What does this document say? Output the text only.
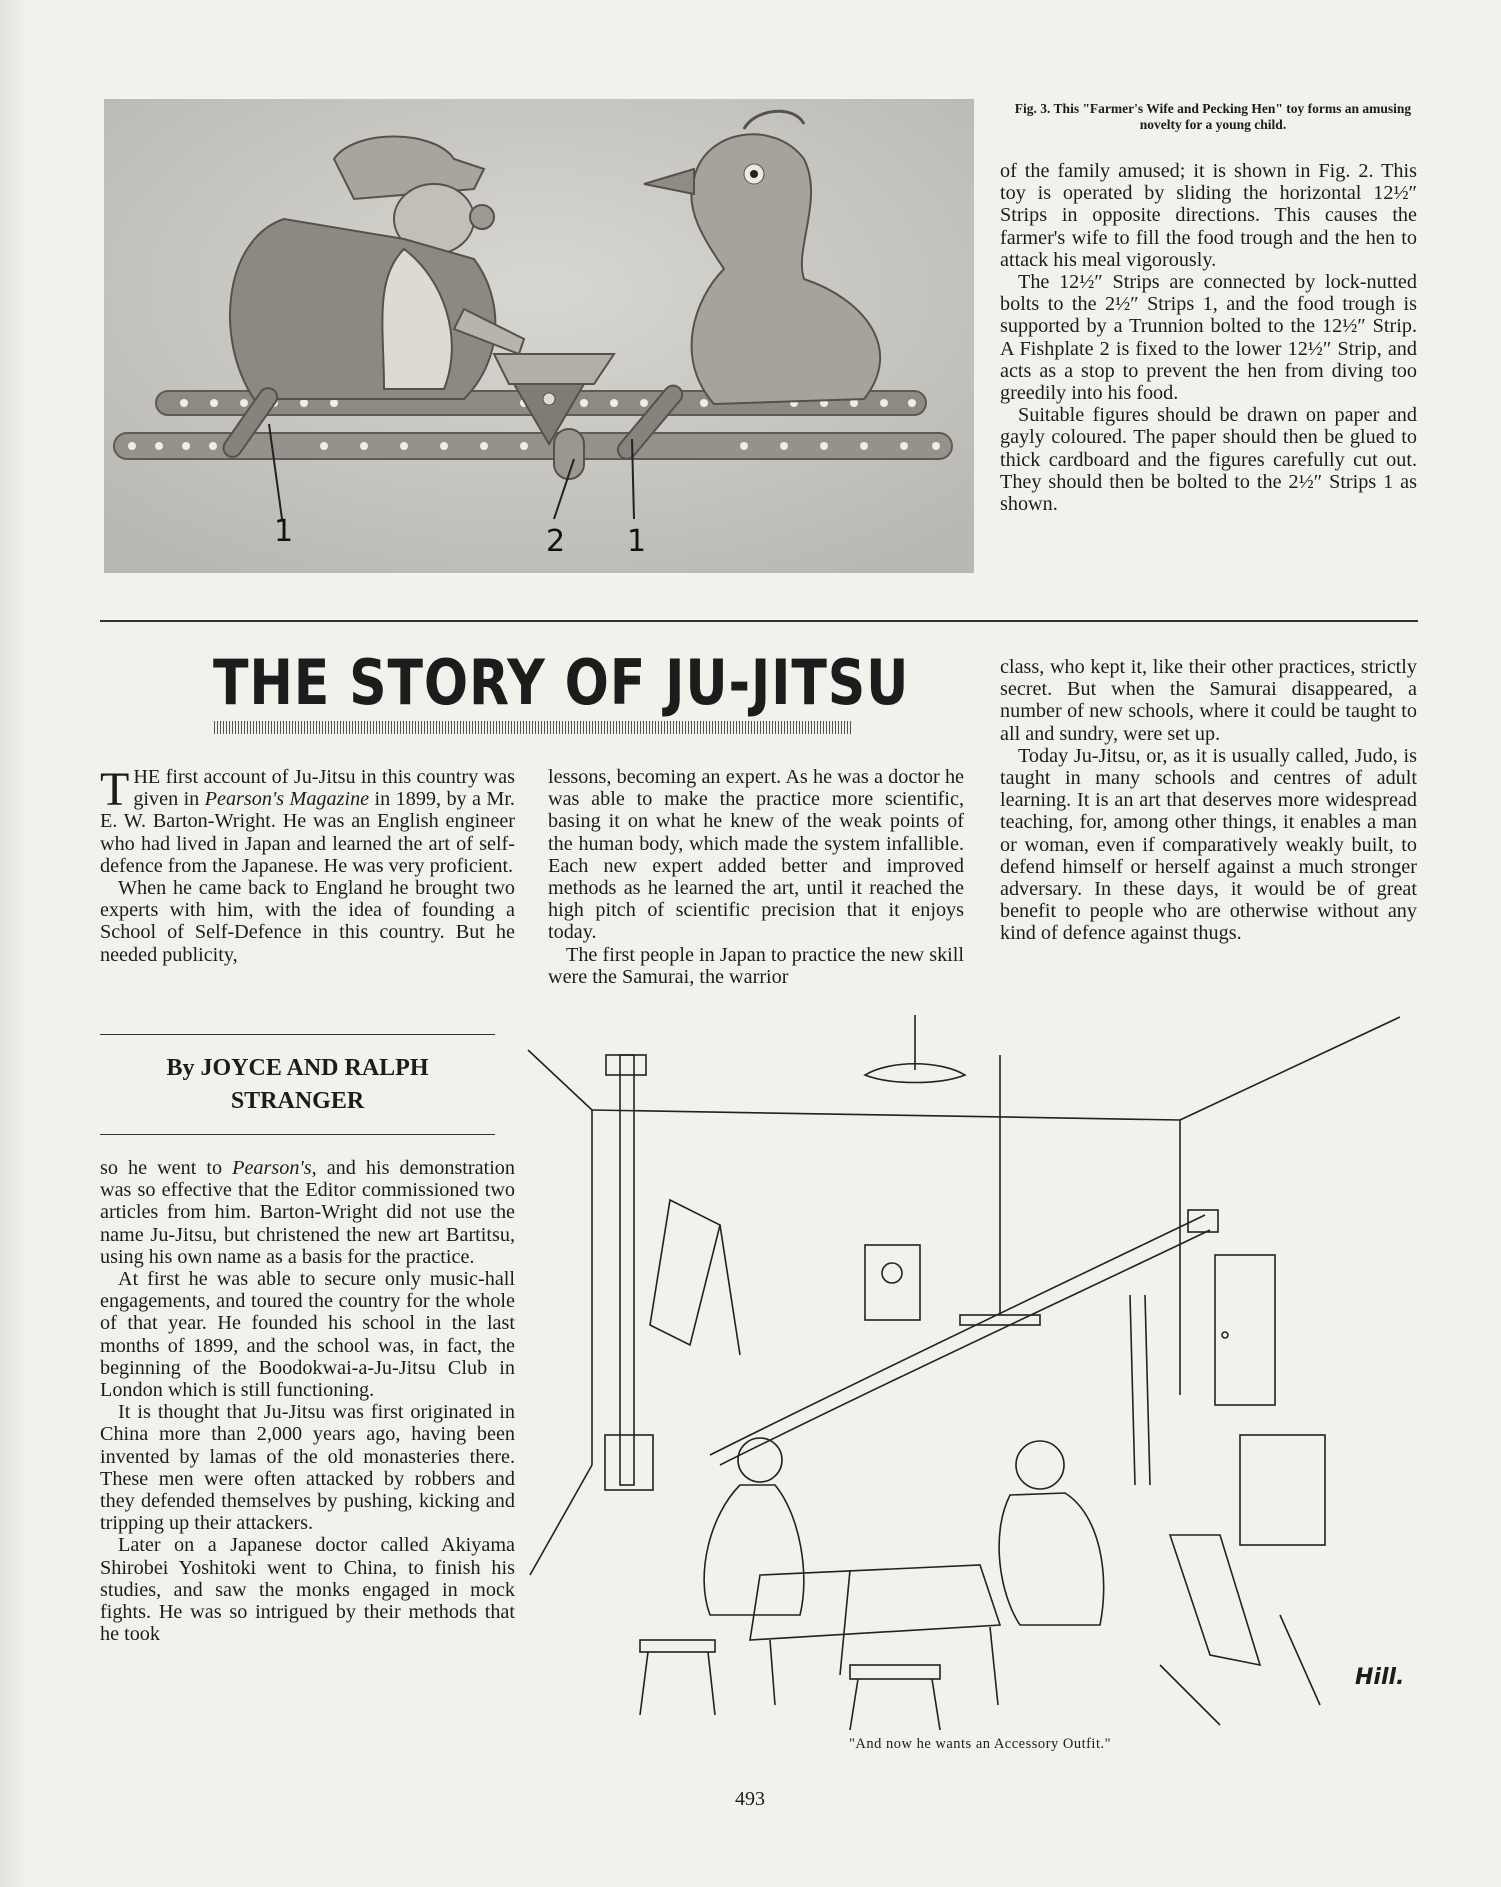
1	2 1
Fig. 3. This "Farmer's Wife and Pecking Hen" toy forms an amusing novelty for a young child.

of the family amused; it is shown in Fig. 2. This toy is operated by sliding the horizontal 12½″ Strips in opposite directions. This causes the farmer's wife to fill the food trough and the hen to attack his meal vigorously.

The 12½″ Strips are connected by lock-nutted bolts to the 2½″ Strips 1, and the food trough is supported by a Trunnion bolted to the 12½″ Strip. A Fishplate 2 is fixed to the lower 12½″ Strip, and acts as a stop to prevent the hen from diving too greedily into his food.

Suitable figures should be drawn on paper and gayly coloured. The paper should then be glued to thick cardboard and the figures carefully cut out. They should then be bolted to the 2½″ Strips 1 as shown.

THE STORY OF JU-JITSU

THE first account of Ju-Jitsu in this country was given in Pearson's Magazine in 1899, by a Mr. E. W. Barton-Wright. He was an English engineer who had lived in Japan and learned the art of self-defence from the Japanese. He was very proficient.

When he came back to England he brought two experts with him, with the idea of founding a School of Self-Defence in this country. But he needed publicity,

lessons, becoming an expert. As he was a doctor he was able to make the practice more scientific, basing it on what he knew of the weak points of the human body, which made the system infallible. Each new expert added better and improved methods as he learned the art, until it reached the high pitch of scientific precision that it enjoys today.

The first people in Japan to practice the new skill were the Samurai, the warrior

class, who kept it, like their other practices, strictly secret. But when the Samurai disappeared, a number of new schools, where it could be taught to all and sundry, were set up.

Today Ju-Jitsu, or, as it is usually called, Judo, is taught in many schools and centres of adult learning. It is an art that deserves more widespread teaching, for, among other things, it enables a man or woman, even if comparatively weakly built, to defend himself or herself against a much stronger adversary. In these days, it would be of great benefit to people who are otherwise without any kind of defence against thugs.

By JOYCE AND RALPH STRANGER

so he went to Pearson's, and his demonstration was so effective that the Editor commissioned two articles from him. Barton-Wright did not use the name Ju-Jitsu, but christened the new art Bartitsu, using his own name as a basis for the practice.

At first he was able to secure only music-hall engagements, and toured the country for the whole of that year. He founded his school in the last months of 1899, and the school was, in fact, the beginning of the Boodokwai-a-Ju-Jitsu Club in London which is still functioning.

It is thought that Ju-Jitsu was first originated in China more than 2,000 years ago, having been invented by lamas of the old monasteries there. These men were often attacked by robbers and they defended themselves by pushing, kicking and tripping up their attackers.

Later on a Japanese doctor called Akiyama Shirobei Yoshitoki went to China, to finish his studies, and saw the monks engaged in mock fights. He was so intrigued by their methods that he took

Hill.
"And now he wants an Accessory Outfit."
493
